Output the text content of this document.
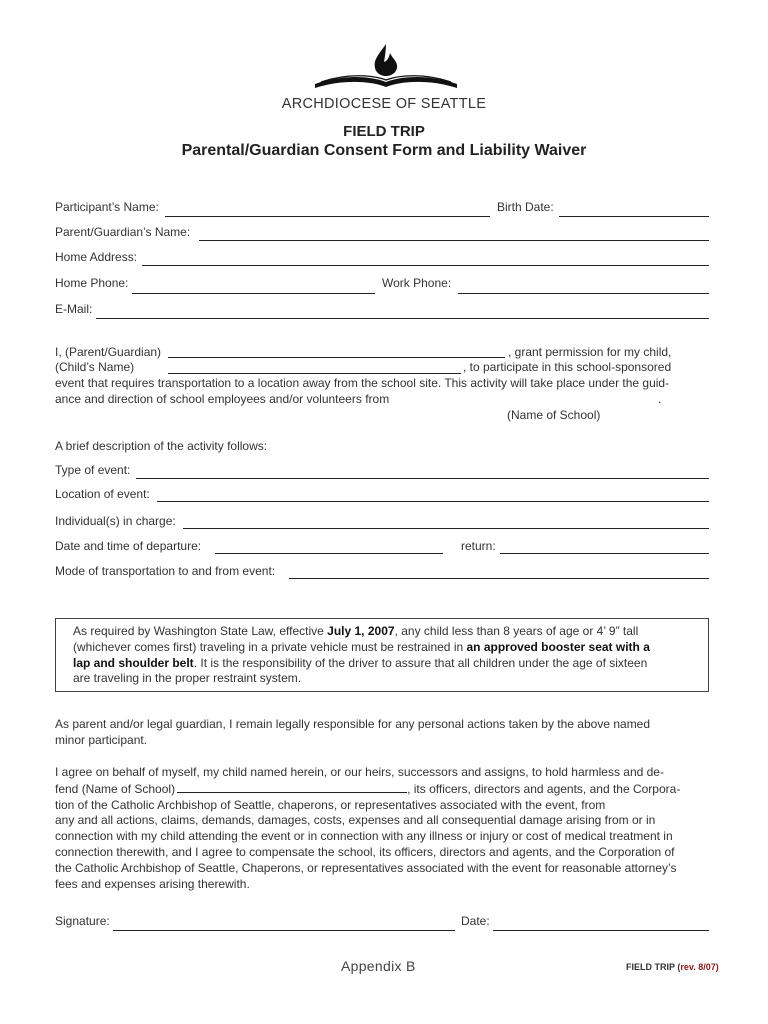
ARCHDIOCESE OF SEATTLE
FIELD TRIP
Parental/Guardian Consent Form and Liability Waiver
Participant’s Name:	Birth Date:
Parent/Guardian’s Name:
Home Address:
Home Phone:	Work Phone:
E-Mail:
I, (Parent/Guardian)	, grant permission for my child,
(Child’s Name)	, to participate in this school-sponsored
event that requires transportation to a location away from the school site. This activity will take place under the guid-
ance and direction of school employees and/or volunteers from	.
(Name of School)
A brief description of the activity follows:
Type of event:
Location of event:
Individual(s) in charge:
Date and time of departure:	return:
Mode of transportation to and from event:

As required by Washington State Law, effective July 1, 2007, any child less than 8 years of age or 4’ 9” tall

(whichever comes first) traveling in a private vehicle must be restrained in an approved booster seat with a

lap and shoulder belt. It is the responsibility of the driver to assure that all children under the age of sixteen

are traveling in the proper restraint system.

As parent and/or legal guardian, I remain legally responsible for any personal actions taken by the above named

minor participant.

I agree on behalf of myself, my child named herein, or our heirs, successors and assigns, to hold harmless and de-

fend (Name of School)	, its officers, directors and agents, and the Corpora-

tion of the Catholic Archbishop of Seattle, chaperons, or representatives associated with the event, from

any and all actions, claims, demands, damages, costs, expenses and all consequential damage arising from or in

connection with my child attending the event or in connection with any illness or injury or cost of medical treatment in

connection therewith, and I agree to compensate the school, its officers, directors and agents, and the Corporation of

the Catholic Archbishop of Seattle, Chaperons, or representatives associated with the event for reasonable attorney’s

fees and expenses arising therewith.

Signature:	Date:
Appendix B	FIELD TRIP (rev. 8/07)
